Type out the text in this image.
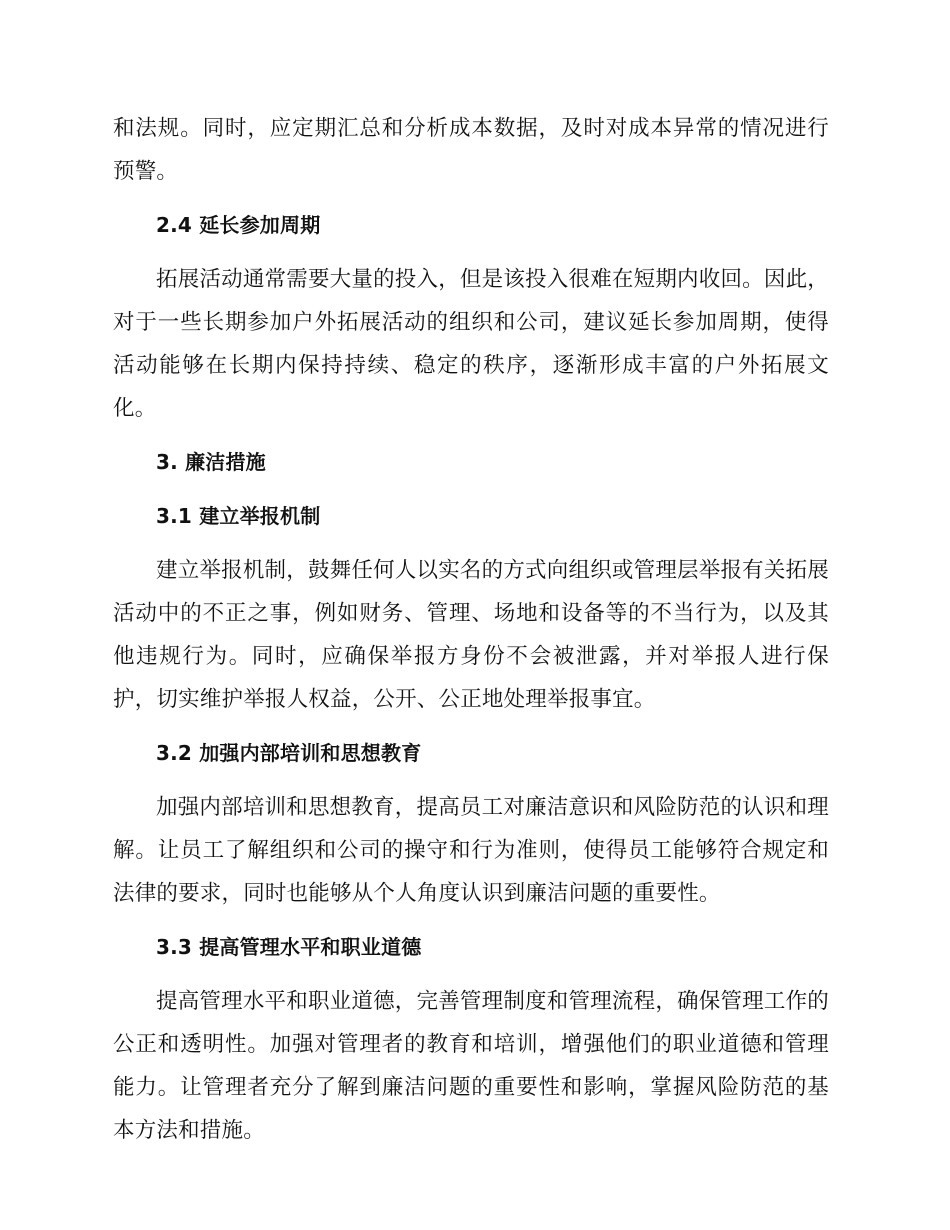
和法规。同时，应定期汇总和分析成本数据，及时对成本异常的情况进行预警。

2.4 延长参加周期

拓展活动通常需要大量的投入，但是该投入很难在短期内收回。因此，对于一些长期参加户外拓展活动的组织和公司，建议延长参加周期，使得活动能够在长期内保持持续、稳定的秩序，逐渐形成丰富的户外拓展文化。

3. 廉洁措施
3.1 建立举报机制

建立举报机制，鼓舞任何人以实名的方式向组织或管理层举报有关拓展活动中的不正之事，例如财务、管理、场地和设备等的不当行为，以及其他违规行为。同时，应确保举报方身份不会被泄露，并对举报人进行保护，切实维护举报人权益，公开、公正地处理举报事宜。

3.2 加强内部培训和思想教育

加强内部培训和思想教育，提高员工对廉洁意识和风险防范的认识和理解。让员工了解组织和公司的操守和行为准则，使得员工能够符合规定和法律的要求，同时也能够从个人角度认识到廉洁问题的重要性。

3.3 提高管理水平和职业道德

提高管理水平和职业道德，完善管理制度和管理流程，确保管理工作的公正和透明性。加强对管理者的教育和培训，增强他们的职业道德和管理能力。让管理者充分了解到廉洁问题的重要性和影响，掌握风险防范的基本方法和措施。
